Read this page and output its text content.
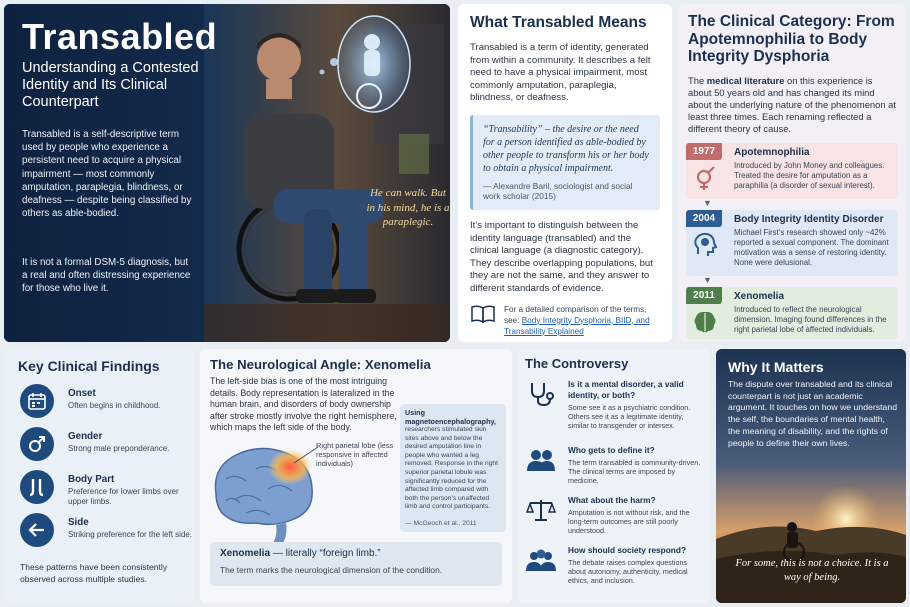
Transabled
Understanding a Contested Identity and Its Clinical Counterpart
Transabled is a self-descriptive term used by people who experience a persistent need to acquire a physical impairment — most commonly amputation, paraplegia, blindness, or deafness — despite being classified by others as able-bodied.
It is not a formal DSM-5 diagnosis, but a real and often distressing experience for those who live it.
He can walk. But in his mind, he is a paraplegic.
What Transabled Means
Transabled is a term of identity, generated from within a community. It describes a felt need to have a physical impairment, most commonly amputation, paraplegia, blindness, or deafness.
“Transability” – the desire or the need for a person identified as able-bodied by other people to transform his or her body to obtain a physical impairment.
— Alexandre Baril, sociologist and social work scholar (2015)
It’s important to distinguish between the identity language (transabled) and the clinical language (a diagnostic category). They describe overlapping populations, but they are not the same, and they answer to different standards of evidence.
For a detailed comparison of the terms, see: Body Integrity Dysphoria, BIID, and Transability Explained
The Clinical Category: From Apotemnophilia to Body Integrity Dysphoria
The medical literature on this experience is about 50 years old and has changed its mind about the underlying nature of the phenomenon at least three times. Each renaming reflected a different theory of cause.
1977	Apotemnophilia
Introduced by John Money and colleagues. Treated the desire for amputation as a paraphilia (a disorder of sexual interest).
▼
2004	Body Integrity Identity Disorder
Michael First’s research showed only ~42% reported a sexual component. The dominant motivation was a sense of restoring identity. None were delusional.
▼
2011	Xenomelia
Introduced to reflect the neurological dimension. Imaging found differences in the right parietal lobe of affected individuals.
Key Clinical Findings
Onset
Often begins in childhood.
Gender
Strong male preponderance.
Body Part
Preference for lower limbs over upper limbs.
Side
Striking preference for the left side.
These patterns have been consistently observed across multiple studies.
The Neurological Angle: Xenomelia
The left-side bias is one of the most intriguing details. Body representation is lateralized in the human brain, and disorders of body ownership after stroke mostly involve the right hemisphere, which maps the left side of the body.
Using magnetoencephalography,
researchers stimulated skin sites above and below the desired amputation line in people who wanted a leg removed. Response in the right superior parietal lobule was significantly reduced for the affected limb compared with both the person’s unaffected limb and control participants.
— McGeoch et al., 2011
Right parietal lobe (less responsive in affected individuals)
Xenomelia — literally “foreign limb.”
The term marks the neurological dimension of the condition.
The Controversy
Is it a mental disorder, a valid identity, or both?
Some see it as a psychiatric condition. Others see it as a legitimate identity, similar to transgender or intersex.
Who gets to define it?
The term transabled is community-driven. The clinical terms are imposed by medicine.
What about the harm?
Amputation is not without risk, and the long-term outcomes are still poorly understood.
How should society respond?
The debate raises complex questions about autonomy, authenticity, medical ethics, and inclusion.
Why It Matters
The dispute over transabled and its clinical counterpart is not just an academic argument. It touches on how we understand the self, the boundaries of mental health, the meaning of disability, and the rights of people to define their own lives.
For some, this is not a choice. It is a way of being.
